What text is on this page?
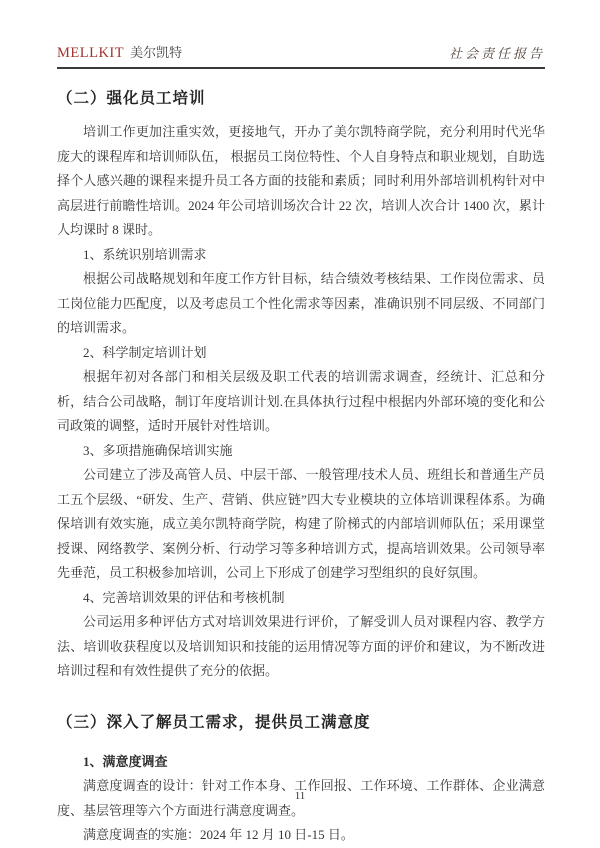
MELLKIT 美尔凯特	社会责任报告
（二）强化员工培训

培训工作更加注重实效，更接地气，开办了美尔凯特商学院，充分利用时代光华庞大的课程库和培训师队伍， 根据员工岗位特性、个人自身特点和职业规划，自助选择个人感兴趣的课程来提升员工各方面的技能和素质；同时利用外部培训机构针对中高层进行前瞻性培训。2024 年公司培训场次合计 22 次，培训人次合计 1400 次，累计人均课时 8 课时。

1、系统识别培训需求

根据公司战略规划和年度工作方针目标，结合绩效考核结果、工作岗位需求、员工岗位能力匹配度，以及考虑员工个性化需求等因素，准确识别不同层级、不同部门的培训需求。

2、科学制定培训计划

根据年初对各部门和相关层级及职工代表的培训需求调查，经统计、汇总和分析，结合公司战略，制订年度培训计划.在具体执行过程中根据内外部环境的变化和公司政策的调整，适时开展针对性培训。

3、多项措施确保培训实施

公司建立了涉及高管人员、中层干部、一般管理/技术人员、班组长和普通生产员工五个层级、“研发、生产、营销、供应链”四大专业模块的立体培训课程体系。为确保培训有效实施，成立美尔凯特商学院，构建了阶梯式的内部培训师队伍；采用课堂授课、网络教学、案例分析、行动学习等多种培训方式，提高培训效果。公司领导率先垂范，员工积极参加培训，公司上下形成了创建学习型组织的良好氛围。

4、完善培训效果的评估和考核机制

公司运用多种评估方式对培训效果进行评价，了解受训人员对课程内容、教学方法、培训收获程度以及培训知识和技能的运用情况等方面的评价和建议，为不断改进培训过程和有效性提供了充分的依据。

（三）深入了解员工需求，提供员工满意度

1、满意度调查

满意度调查的设计：针对工作本身、工作回报、工作环境、工作群体、企业满意度、基层管理等六个方面进行满意度调查。

满意度调查的实施：2024 年 12 月 10 日-15 日。

11
